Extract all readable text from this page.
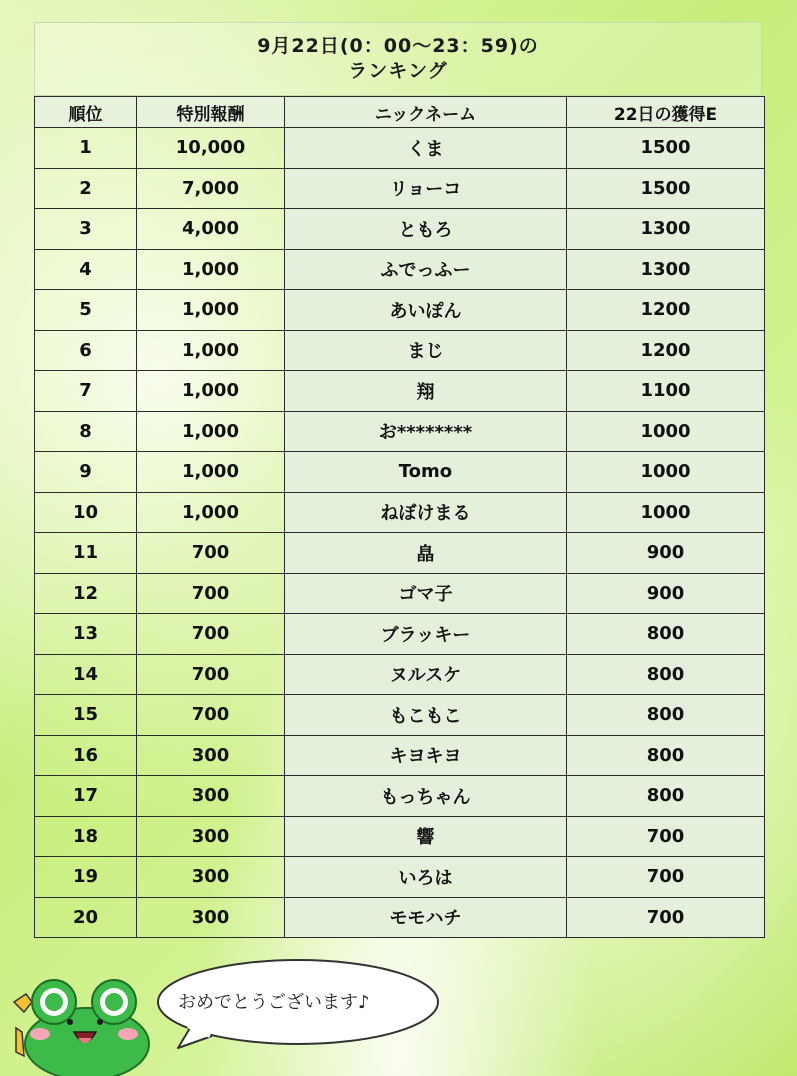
9月22日(0：00～23：59)の
ランキング
順位	特別報酬	ニックネーム	22日の獲得E
1	10,000	くま	1500
2	7,000	リョーコ	1500
3	4,000	ともろ	1300
4	1,000	ふでっふー	1300
5	1,000	あいぽん	1200
6	1,000	まじ	1200
7	1,000	翔	1100
8	1,000	お********	1000
9	1,000	Tomo	1000
10	1,000	ねぼけまる	1000
11	700	皛	900
12	700	ゴマ子	900
13	700	ブラッキー	800
14	700	ヌルスケ	800
15	700	もこもこ	800
16	300	キヨキヨ	800
17	300	もっちゃん	800
18	300	響	700
19	300	いろは	700
20	300	モモハチ	700
おめでとうございます♪
